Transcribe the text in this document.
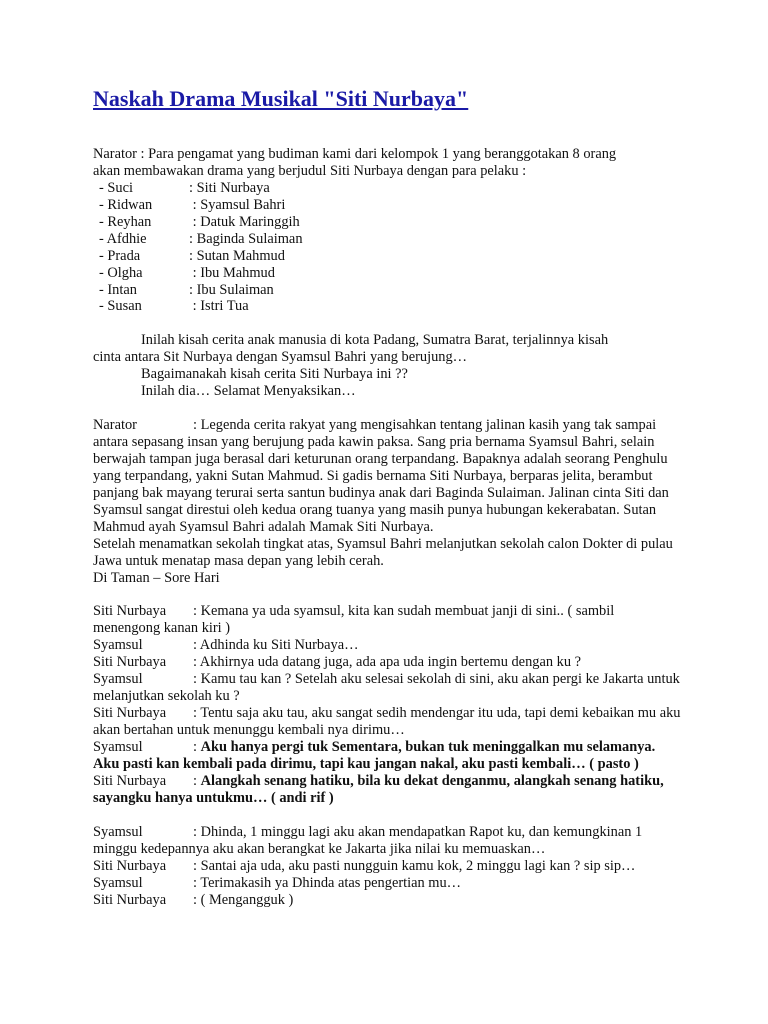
Naskah Drama Musikal "Siti Nurbaya"
Narator : Para pengamat yang budiman kami dari kelompok 1 yang beranggotakan 8 orang
akan membawakan drama yang berjudul Siti Nurbaya dengan para pelaku :
- Suci	: Siti Nurbaya
- Ridwan	: Syamsul Bahri
- Reyhan	: Datuk Maringgih
- Afdhie	: Baginda Sulaiman
- Prada	: Sutan Mahmud
- Olgha	: Ibu Mahmud
- Intan	: Ibu Sulaiman
- Susan	: Istri Tua
Inilah kisah cerita anak manusia di kota Padang, Sumatra Barat, terjalinnya kisah
cinta antara Sit Nurbaya dengan Syamsul Bahri yang berujung…
Bagaimanakah kisah cerita Siti Nurbaya ini ??
Inilah dia… Selamat Menyaksikan…
Narator	: Legenda cerita rakyat yang mengisahkan tentang jalinan kasih yang tak sampai antara sepasang insan yang berujung pada kawin paksa. Sang pria bernama Syamsul Bahri, selain berwajah tampan juga berasal dari keturunan orang terpandang. Bapaknya adalah seorang Penghulu yang terpandang, yakni Sutan Mahmud. Si gadis bernama Siti Nurbaya, berparas jelita, berambut panjang bak mayang terurai serta santun budinya anak dari Baginda Sulaiman. Jalinan cinta Siti dan Syamsul sangat direstui oleh kedua orang tuanya yang masih punya hubungan kekerabatan. Sutan Mahmud ayah Syamsul Bahri adalah Mamak Siti Nurbaya.
Setelah menamatkan sekolah tingkat atas, Syamsul Bahri melanjutkan sekolah calon Dokter di pulau Jawa untuk menatap masa depan yang lebih cerah.
Di Taman – Sore Hari
Siti Nurbaya : Kemana ya uda syamsul, kita kan sudah membuat janji di sini.. ( sambil menengong kanan kiri )
Syamsul	: Adhinda ku Siti Nurbaya…
Siti Nurbaya : Akhirnya uda datang juga, ada apa uda ingin bertemu dengan ku ?
Syamsul	: Kamu tau kan ? Setelah aku selesai sekolah di sini, aku akan pergi ke Jakarta untuk melanjutkan sekolah ku ?
Siti Nurbaya : Tentu saja aku tau, aku sangat sedih mendengar itu uda, tapi demi kebaikan mu aku akan bertahan untuk menunggu kembali nya dirimu…
Syamsul	: Aku hanya pergi tuk Sementara, bukan tuk meninggalkan mu selamanya. Aku pasti kan kembali pada dirimu, tapi kau jangan nakal, aku pasti kembali… ( pasto )
Siti Nurbaya : Alangkah senang hatiku, bila ku dekat denganmu, alangkah senang hatiku, sayangku hanya untukmu… ( andi rif )
Syamsul	: Dhinda, 1 minggu lagi aku akan mendapatkan Rapot ku, dan kemungkinan 1 minggu kedepannya aku akan berangkat ke Jakarta jika nilai ku memuaskan…
Siti Nurbaya : Santai aja uda, aku pasti nungguin kamu kok, 2 minggu lagi kan ? sip sip…
Syamsul	: Terimakasih ya Dhinda atas pengertian mu…
Siti Nurbaya : ( Mengangguk )
